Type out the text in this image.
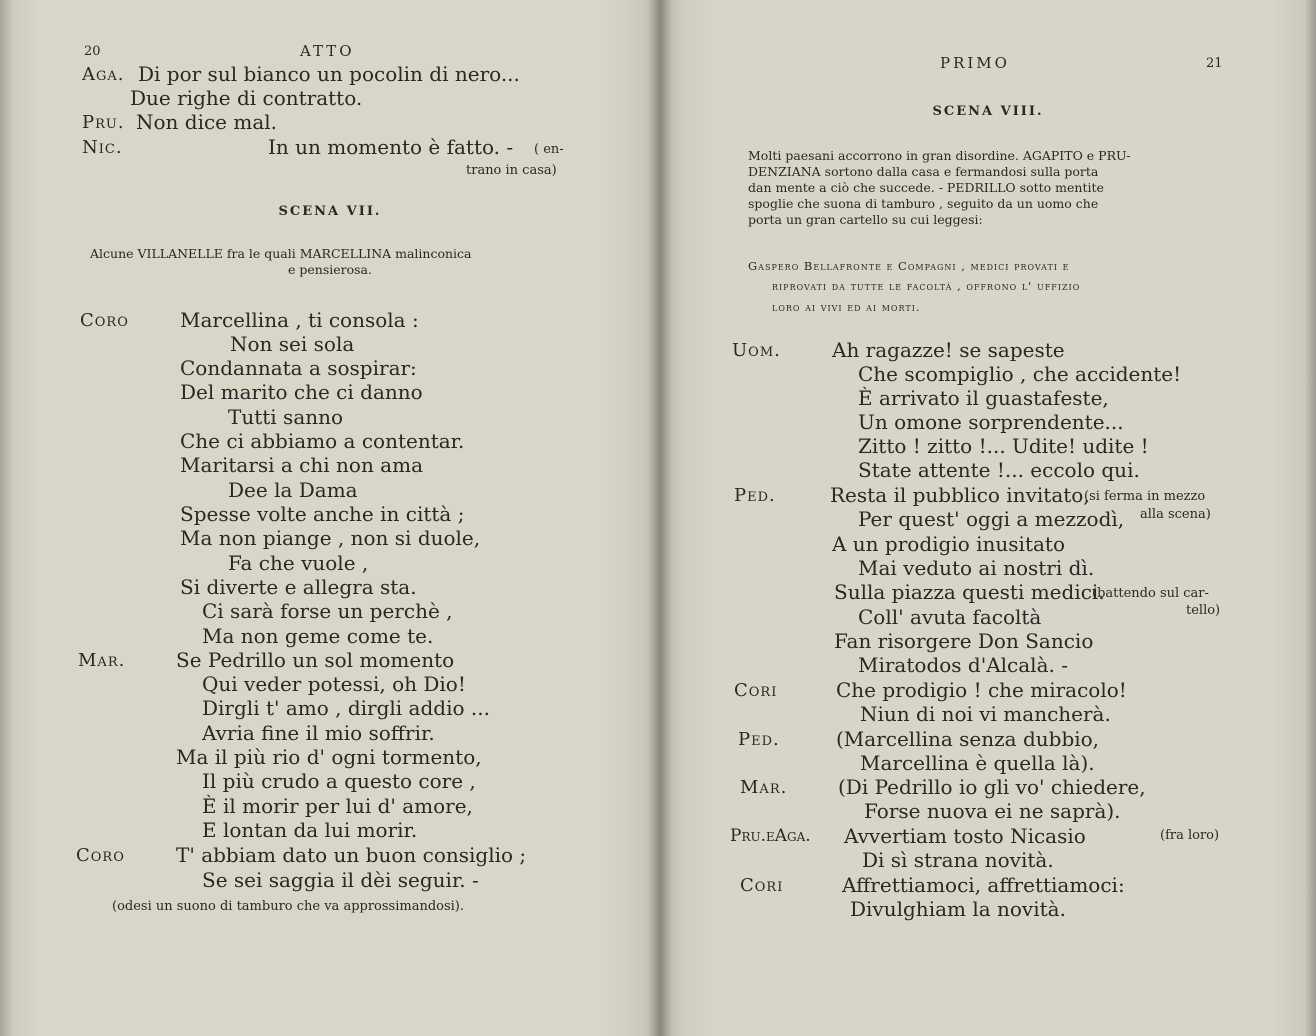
20	ATTO
Aga. Di por sul bianco un pocolin di nero...
Due righe di contratto.
Pru. Non dice mal.
Nic.	In un momento è fatto. - ( en-
trano in casa)
SCENA VII.
Alcune VILLANELLE fra le quali MARCELLINA malinconica
e pensierosa.
Coro	Marcellina , ti consola :
Non sei sola
Condannata a sospirar:
Del marito che ci danno
Tutti sanno
Che ci abbiamo a contentar.
Maritarsi a chi non ama
Dee la Dama
Spesse volte anche in città ;
Ma non piange , non si duole,
Fa che vuole ,
Si diverte e allegra sta.
Ci sarà forse un perchè ,
Ma non geme come te.
Mar.	Se Pedrillo un sol momento
Qui veder potessi, oh Dio!
Dirgli t' amo , dirgli addio ...
Avria fine il mio soffrir.
Ma il più rio d' ogni tormento,
Il più crudo a questo core ,
È il morir per lui d' amore,
E lontan da lui morir.
Coro	T' abbiam dato un buon consiglio ;
Se sei saggia il dèi seguir. -
(odesi un suono di tamburo che va approssimandosi).
PRIMO	21
SCENA VIII.
Molti paesani accorrono in gran disordine. AGAPITO e PRU-
DENZIANA sortono dalla casa e fermandosi sulla porta
dan mente a ciò che succede. - PEDRILLO sotto mentite
spoglie che suona di tamburo , seguito da un uomo che
porta un gran cartello su cui leggesi:
Gaspero Bellafronte e Compagni , medici provati e
riprovati da tutte le facoltà , offrono l' uffizio
loro ai vivi ed ai morti.
Uom.	Ah ragazze! se sapeste
Che scompiglio , che accidente!
È arrivato il guastafeste,
Un omone sorprendente...
Zitto ! zitto !... Udite! udite !
State attente !... eccolo qui.
Ped.	Resta il pubblico invitato,
(si ferma in mezzo
Per quest' oggi a mezzodì, alla scena)
A un prodigio inusitato
Mai veduto ai nostri dì.
Sulla piazza questi medici.
(battendo sul car-
Coll' avuta facoltà	tello)
Fan risorgere Don Sancio
Miratodos d'Alcalà. -
Cori	Che prodigio ! che miracolo!
Niun di noi vi mancherà.
Ped.	(Marcellina senza dubbio,
Marcellina è quella là).
Mar.	(Di Pedrillo io gli vo' chiedere,
Forse nuova ei ne saprà).
Pru.eAga. Avvertiam tosto Nicasio	(fra loro)
Di sì strana novità.
Cori	Affrettiamoci, affrettiamoci:
Divulghiam la novità.
